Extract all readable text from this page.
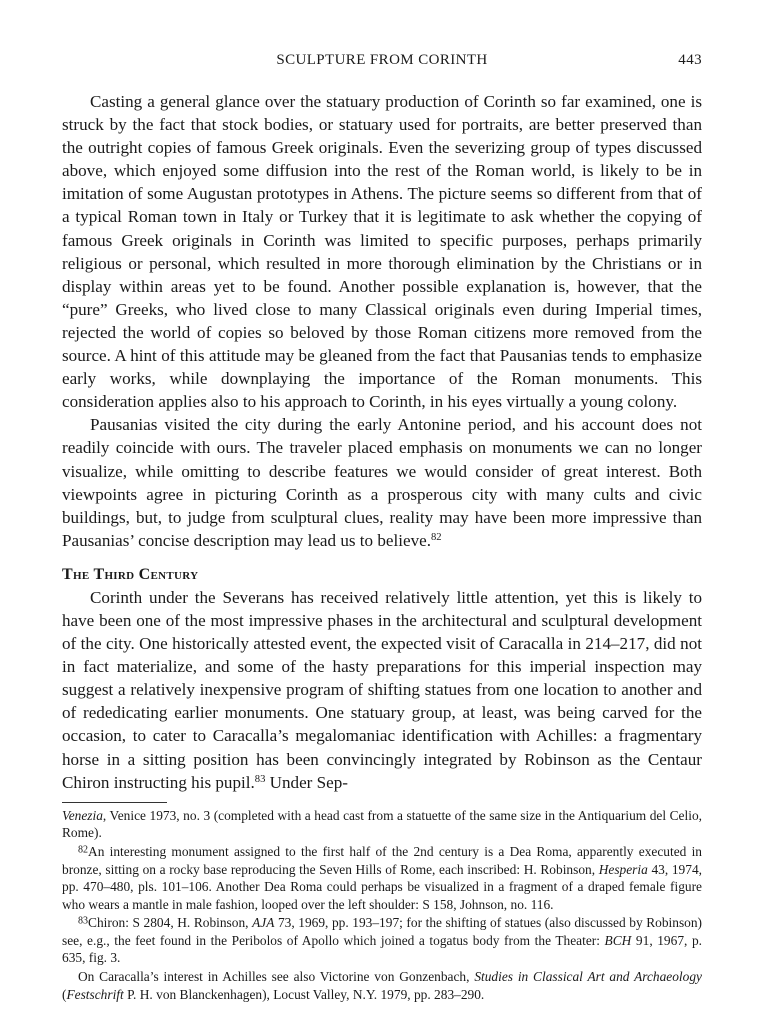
SCULPTURE FROM CORINTH	443

Casting a general glance over the statuary production of Corinth so far examined, one is struck by the fact that stock bodies, or statuary used for portraits, are better preserved than the outright copies of famous Greek originals. Even the severizing group of types discussed above, which enjoyed some diffusion into the rest of the Roman world, is likely to be in imitation of some Augustan prototypes in Athens. The picture seems so different from that of a typical Roman town in Italy or Turkey that it is legitimate to ask whether the copying of famous Greek originals in Corinth was limited to specific purposes, perhaps primarily religious or personal, which resulted in more thorough elimination by the Christians or in display within areas yet to be found. Another possible explanation is, however, that the “pure” Greeks, who lived close to many Classical originals even during Imperial times, rejected the world of copies so beloved by those Roman citizens more removed from the source. A hint of this attitude may be gleaned from the fact that Pausanias tends to emphasize early works, while downplaying the importance of the Roman monuments. This consideration applies also to his approach to Corinth, in his eyes virtually a young colony.

Pausanias visited the city during the early Antonine period, and his account does not readily coincide with ours. The traveler placed emphasis on monuments we can no longer visualize, while omitting to describe features we would consider of great interest. Both viewpoints agree in picturing Corinth as a prosperous city with many cults and civic buildings, but, to judge from sculptural clues, reality may have been more impressive than Pausanias’ concise description may lead us to believe.$^{82}$

The Third Century

Corinth under the Severans has received relatively little attention, yet this is likely to have been one of the most impressive phases in the architectural and sculptural development of the city. One historically attested event, the expected visit of Caracalla in 214–217, did not in fact materialize, and some of the hasty preparations for this imperial inspection may suggest a relatively inexpensive program of shifting statues from one location to another and of rededicating earlier monuments. One statuary group, at least, was being carved for the occasion, to cater to Caracalla’s megalomaniac identification with Achilles: a fragmentary horse in a sitting position has been convincingly integrated by Robinson as the Centaur Chiron instructing his pupil.$^{83}$ Under Sep-

Venezia, Venice 1973, no. 3 (completed with a head cast from a statuette of the same size in the Antiquarium del Celio, Rome).

$^{82}$An interesting monument assigned to the first half of the 2nd century is a Dea Roma, apparently executed in bronze, sitting on a rocky base reproducing the Seven Hills of Rome, each inscribed: H. Robinson, Hesperia 43, 1974, pp. 470–480, pls. 101–106. Another Dea Roma could perhaps be visualized in a fragment of a draped female figure who wears a mantle in male fashion, looped over the left shoulder: S 158, Johnson, no. 116.

$^{83}$Chiron: S 2804, H. Robinson, AJA 73, 1969, pp. 193–197; for the shifting of statues (also discussed by Robinson) see, e.g., the feet found in the Peribolos of Apollo which joined a togatus body from the Theater: BCH 91, 1967, p. 635, fig. 3.

On Caracalla’s interest in Achilles see also Victorine von Gonzenbach, Studies in Classical Art and Archaeology (Festschrift P. H. von Blanckenhagen), Locust Valley, N.Y. 1979, pp. 283–290.
